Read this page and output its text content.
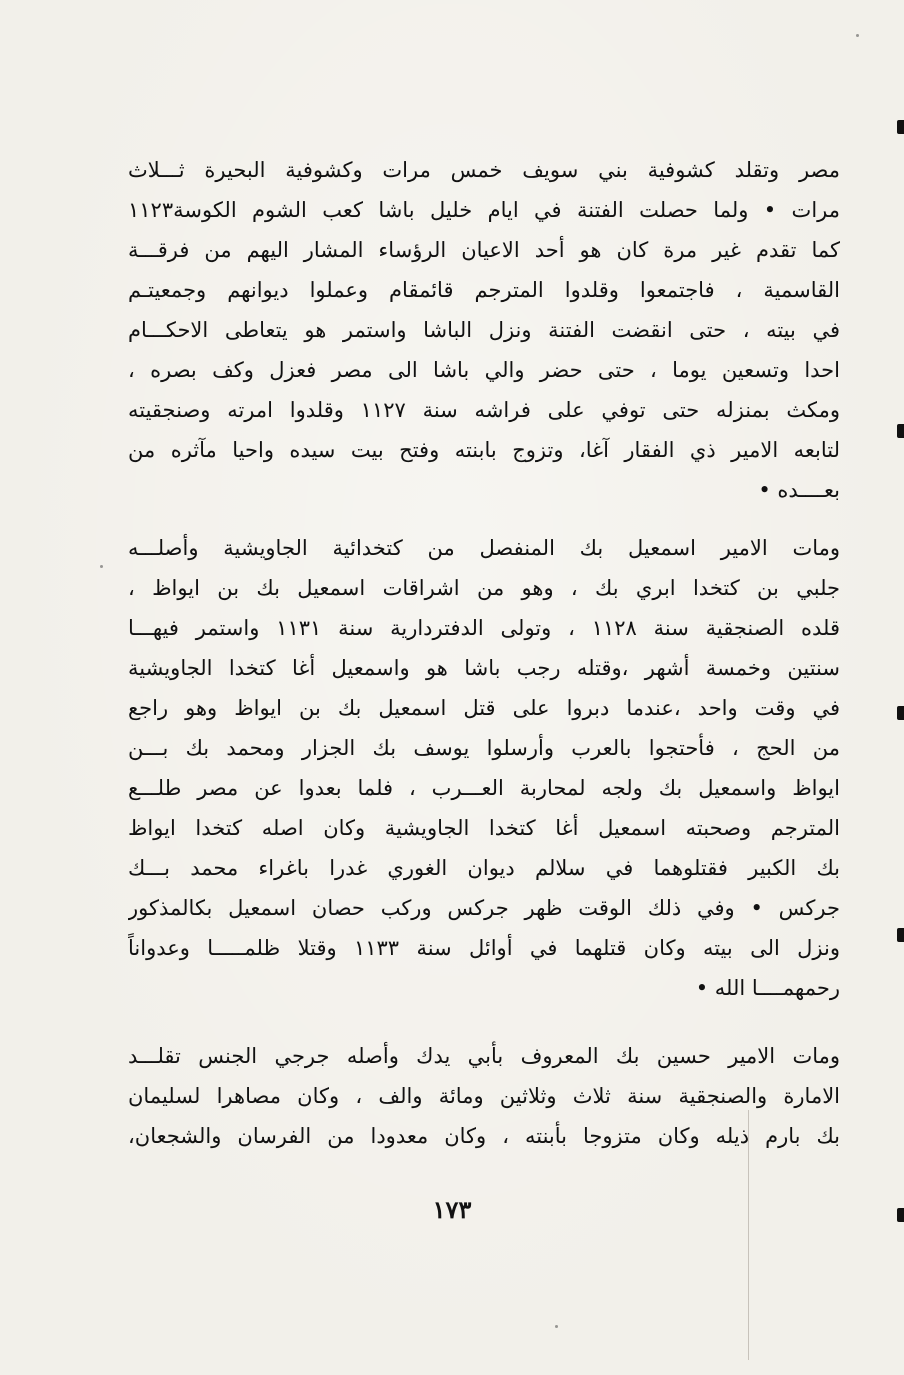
مصر وتقلد كشوفية بني سويف خمس مرات وكشوفية البحيرة ثـــلاث
مرات • ولما حصلت الفتنة في ايام خليل باشا كعب الشوم الكوسة١١٢٣
كما تقدم غير مرة كان هو أحد الاعيان الرؤساء المشار اليهم من فرقـــة
القاسمية ، فاجتمعوا وقلدوا المترجم قائمقام وعملوا ديوانهم وجمعيتـم
في بيته ، حتى انقضت الفتنة ونزل الباشا واستمر هو يتعاطى الاحكـــام
احدا وتسعين يوما ، حتى حضر والي باشا الى مصر فعزل وكف بصره ،
ومكث بمنزله حتى توفي على فراشه سنة ١١٢٧ وقلدوا امرته وصنجقيته
لتابعه الامير ذي الفقار آغا، وتزوج بابنته وفتح بيت سيده واحيا مآثره من
بعــــده •
ومات الامير اسمعيل بك المنفصل من كتخدائية الجاويشية وأصلـــه
جلبي بن كتخدا ابري بك ، وهو من اشراقات اسمعيل بك بن ايواظ ،
قلده الصنجقية سنة ١١٢٨ ، وتولى الدفتردارية سنة ١١٣١ واستمر فيهـــا
سنتين وخمسة أشهر ،وقتله رجب باشا هو واسمعيل أغا كتخدا الجاويشية
في وقت واحد ،عندما دبروا على قتل اسمعيل بك بن ايواظ وهو راجع
من الحج ، فأحتجوا بالعرب وأرسلوا يوسف بك الجزار ومحمد بك بـــن
ايواظ واسمعيل بك ولجه لمحاربة العـــرب ، فلما بعدوا عن مصر طلـــع
المترجم وصحبته اسمعيل أغا كتخدا الجاويشية وكان اصله كتخدا ايواظ
بك الكبير فقتلوهما في سلالم ديوان الغوري غدرا باغراء محمد بـــك
جركس • وفي ذلك الوقت ظهر جركس وركب حصان اسمعيل بكالمذكور
ونزل الى بيته وكان قتلهما في أوائل سنة ١١٣٣ وقتلا ظلمـــــا وعدواناً
رحمهمــــا الله •
ومات الامير حسين بك المعروف بأبي يدك وأصله جرجي الجنس تقلـــد
الامارة والصنجقية سنة ثلاث وثلاثين ومائة والف ، وكان مصاهرا لسليمان
بك بارم ذيله وكان متزوجا بأبنته ، وكان معدودا من الفرسان والشجعان،
١٧٣
